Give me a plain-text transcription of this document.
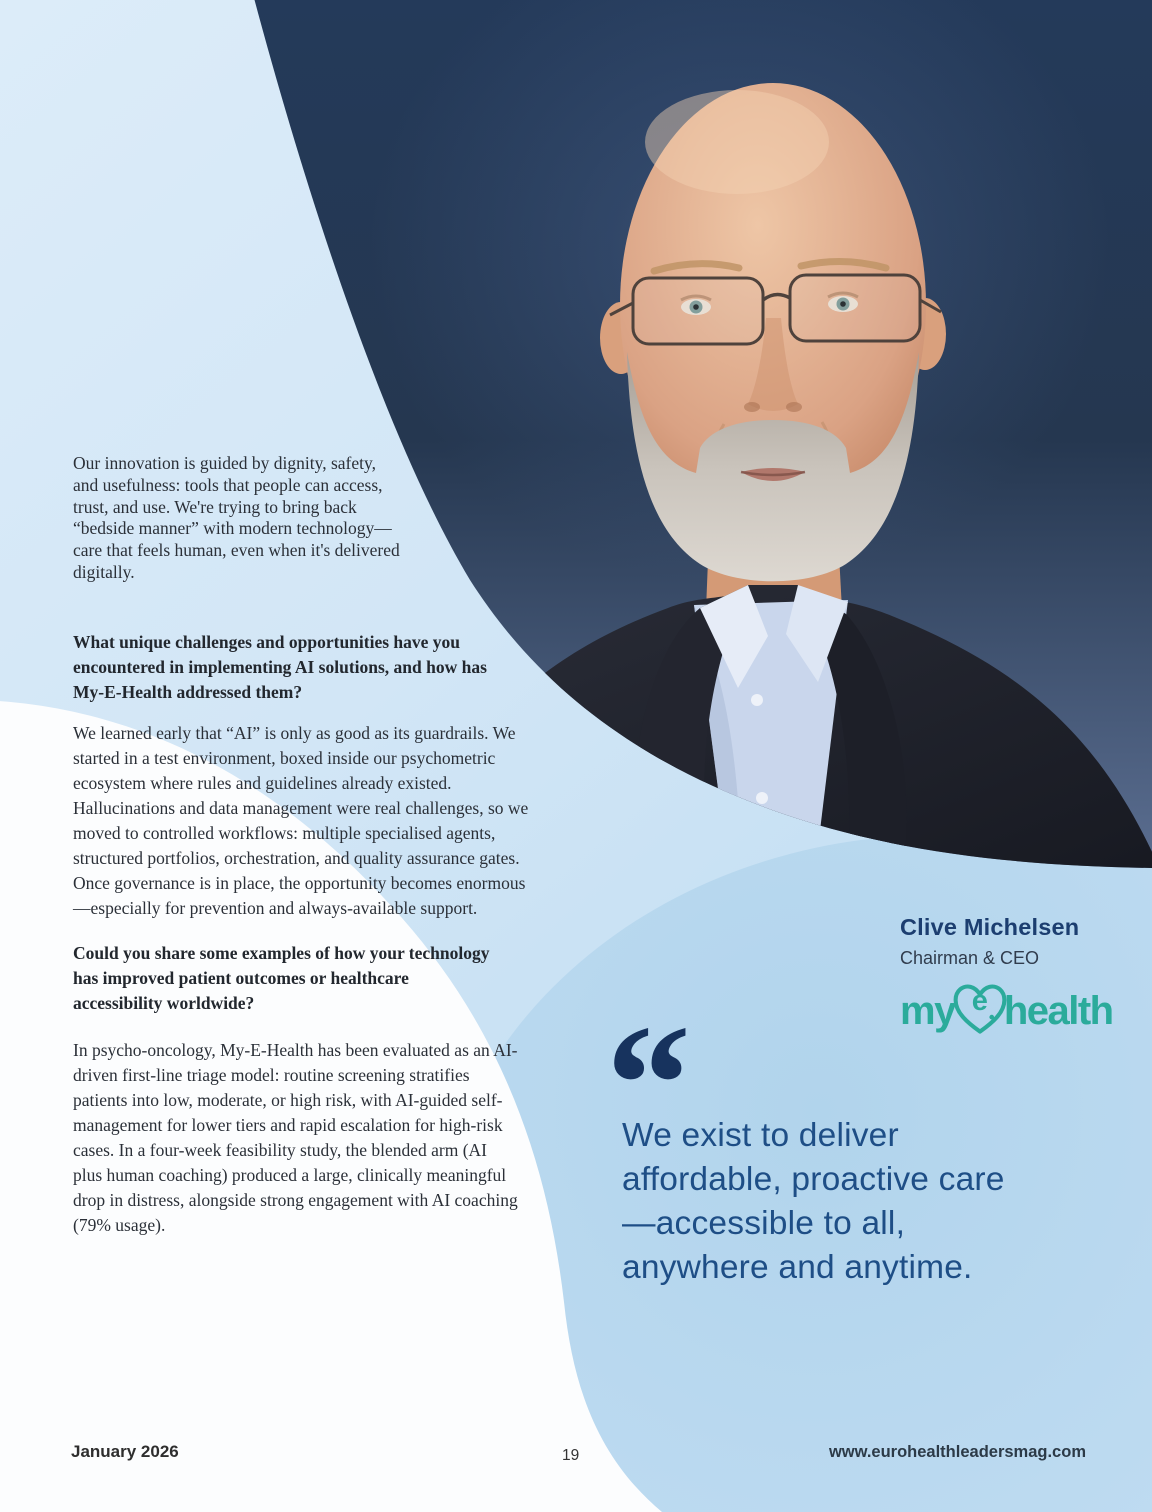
Our innovation is guided by dignity, safety, and usefulness: tools that people can access, trust, and use. We're trying to bring back “bedside manner” with modern technology—care that feels human, even when it's delivered digitally.

What unique challenges and opportunities have you encountered in implementing AI solutions, and how has My-E-Health addressed them?

We learned early that “AI” is only as good as its guardrails. We started in a test environment, boxed inside our psychometric ecosystem where rules and guidelines already existed. Hallucinations and data management were real challenges, so we moved to controlled workflows: multiple specialised agents, structured portfolios, orchestration, and quality assurance gates. Once governance is in place, the opportunity becomes enormous—especially for prevention and always-available support.

Could you share some examples of how your technology has improved patient outcomes or healthcare accessibility worldwide?

In psycho-oncology, My-E-Health has been evaluated as an AI-driven first-line triage model: routine screening stratifies patients into low, moderate, or high risk, with AI-guided self-management for lower tiers and rapid escalation for high-risk cases. In a four-week feasibility study, the blended arm (AI plus human coaching) produced a large, clinically meaningful drop in distress, alongside strong engagement with AI coaching (79% usage).

Clive Michelsen
Chairman & CEO
my e health
“
We exist to deliver affordable, proactive care—accessible to all, anywhere and anytime.
January 2026	19	www.eurohealthleadersmag.com
